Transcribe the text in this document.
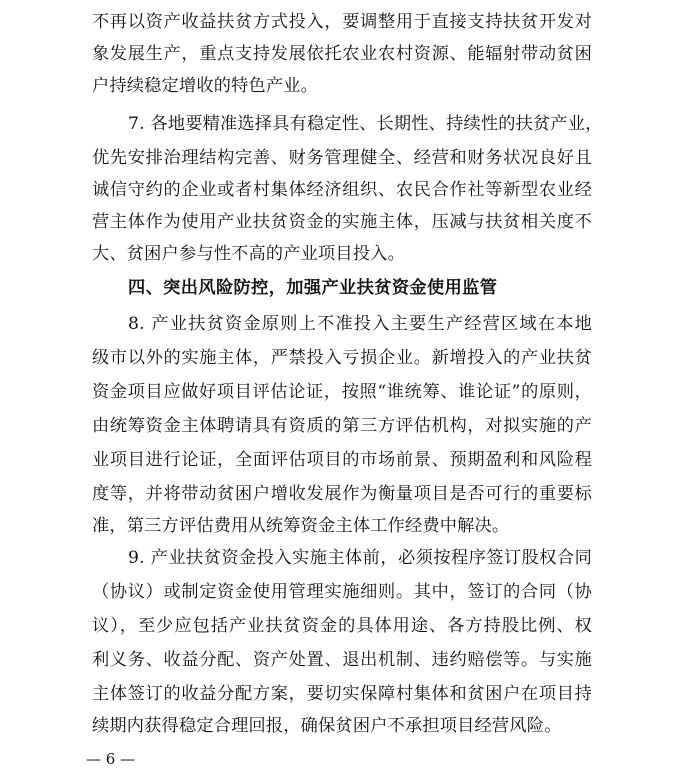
不再以资产收益扶贫方式投入，要调整用于直接支持扶贫开发对
象发展生产，重点支持发展依托农业农村资源、能辐射带动贫困
户持续稳定增收的特色产业。
7. 各地要精准选择具有稳定性、长期性、持续性的扶贫产业，
优先安排治理结构完善、财务管理健全、经营和财务状况良好且
诚信守约的企业或者村集体经济组织、农民合作社等新型农业经
营主体作为使用产业扶贫资金的实施主体，压减与扶贫相关度不
大、贫困户参与性不高的产业项目投入。
四、突出风险防控，加强产业扶贫资金使用监管
8. 产业扶贫资金原则上不准投入主要生产经营区域在本地
级市以外的实施主体，严禁投入亏损企业。新增投入的产业扶贫
资金项目应做好项目评估论证，按照“谁统筹、谁论证”的原则，
由统筹资金主体聘请具有资质的第三方评估机构，对拟实施的产
业项目进行论证，全面评估项目的市场前景、预期盈利和风险程
度等，并将带动贫困户增收发展作为衡量项目是否可行的重要标
准，第三方评估费用从统筹资金主体工作经费中解决。
9. 产业扶贫资金投入实施主体前，必须按程序签订股权合同
（协议）或制定资金使用管理实施细则。其中，签订的合同（协
议），至少应包括产业扶贫资金的具体用途、各方持股比例、权
利义务、收益分配、资产处置、退出机制、违约赔偿等。与实施
主体签订的收益分配方案，要切实保障村集体和贫困户在项目持
续期内获得稳定合理回报，确保贫困户不承担项目经营风险。
— 6 —
